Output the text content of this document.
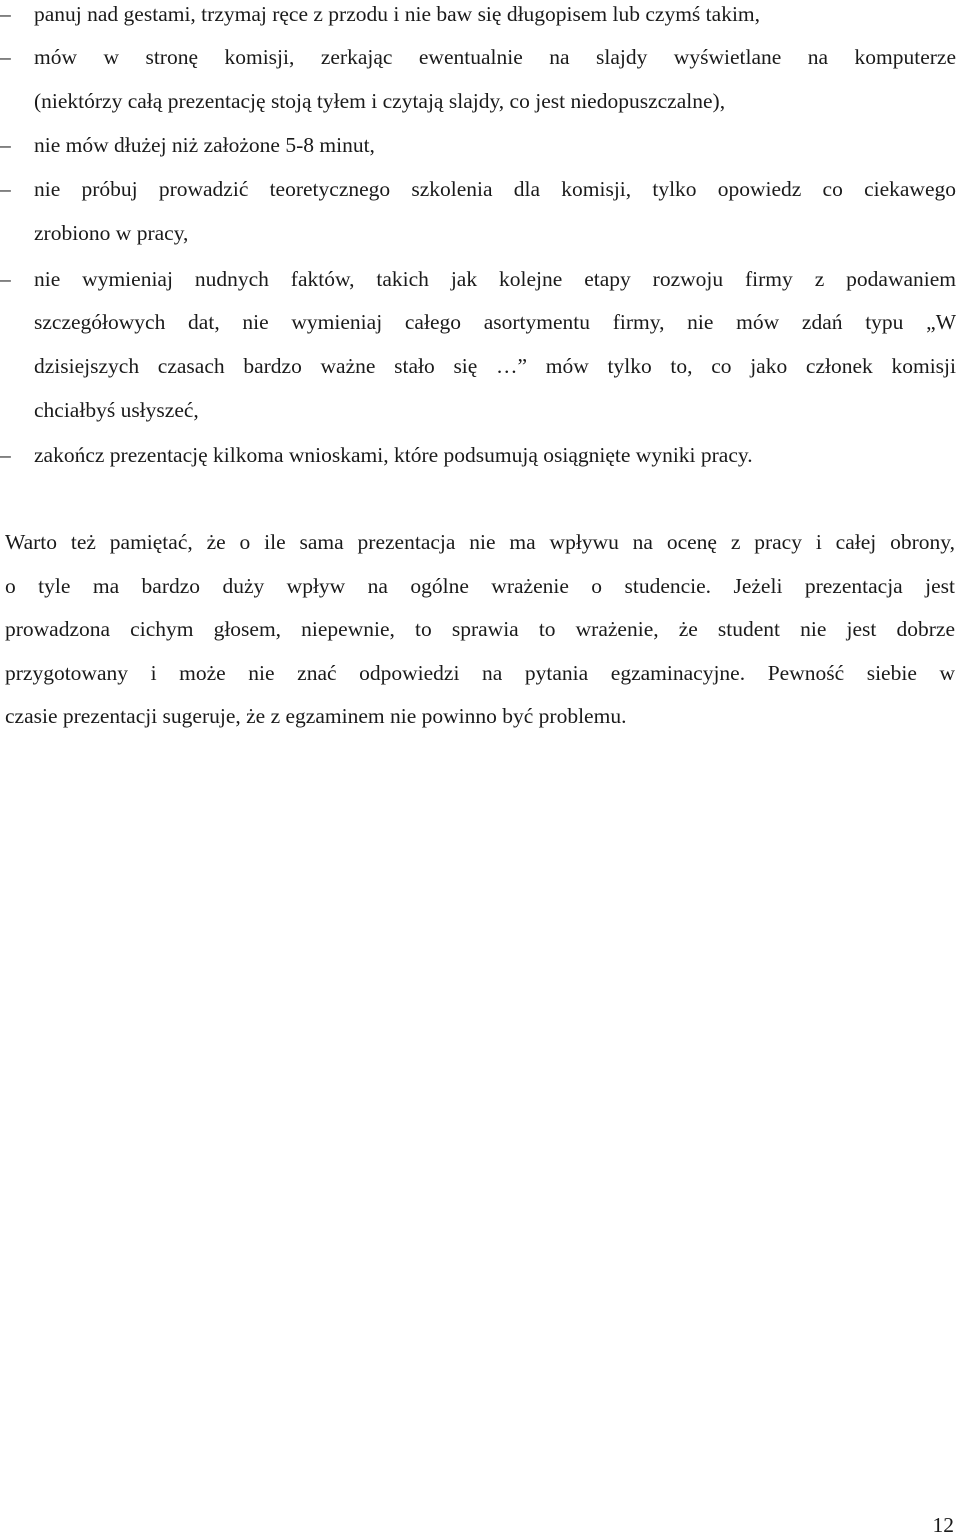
– panuj nad gestami, trzymaj ręce z przodu i nie baw się długopisem lub czymś takim,
– mów w stronę komisji, zerkając ewentualnie na slajdy wyświetlane na komputerze
(niektórzy całą prezentację stoją tyłem i czytają slajdy, co jest niedopuszczalne),
– nie mów dłużej niż założone 5-8 minut,
– nie próbuj prowadzić teoretycznego szkolenia dla komisji, tylko opowiedz co ciekawego
zrobiono w pracy,
– nie wymieniaj nudnych faktów, takich jak kolejne etapy rozwoju firmy z podawaniem
szczegółowych dat, nie wymieniaj całego asortymentu firmy, nie mów zdań typu „W
dzisiejszych czasach bardzo ważne stało się …” mów tylko to, co jako członek komisji
chciałbyś usłyszeć,
– zakończ prezentację kilkoma wnioskami, które podsumują osiągnięte wyniki pracy.
Warto też pamiętać, że o ile sama prezentacja nie ma wpływu na ocenę z pracy i całej obrony,
o tyle ma bardzo duży wpływ na ogólne wrażenie o studencie. Jeżeli prezentacja jest
prowadzona cichym głosem, niepewnie, to sprawia to wrażenie, że student nie jest dobrze
przygotowany i może nie znać odpowiedzi na pytania egzaminacyjne. Pewność siebie w
czasie prezentacji sugeruje, że z egzaminem nie powinno być problemu.
12
